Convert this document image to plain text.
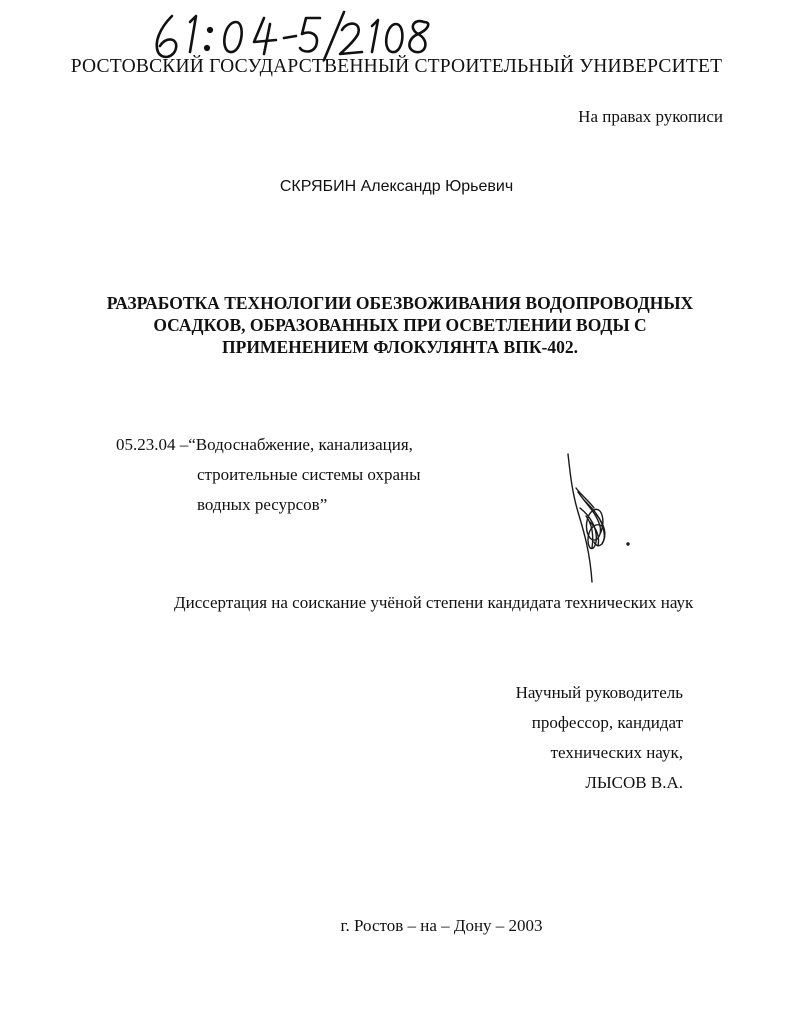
РОСТОВСКИЙ ГОСУДАРСТВЕННЫЙ СТРОИТЕЛЬНЫЙ УНИВЕРСИТЕТ
На правах рукописи
СКРЯБИН Александр Юрьевич
РАЗРАБОТКА ТЕХНОЛОГИИ ОБЕЗВОЖИВАНИЯ ВОДОПРОВОДНЫХ
ОСАДКОВ, ОБРАЗОВАННЫХ ПРИ ОСВЕТЛЕНИИ ВОДЫ С
ПРИМЕНЕНИЕМ ФЛОКУЛЯНТА ВПК-402.
05.23.04 –“Водоснабжение, канализация,
строительные системы охраны
водных ресурсов”
Диссертация на соискание учёной степени кандидата технических наук
Научный руководитель
профессор, кандидат
технических наук,
ЛЫСОВ В.А.
г. Ростов – на – Дону – 2003
